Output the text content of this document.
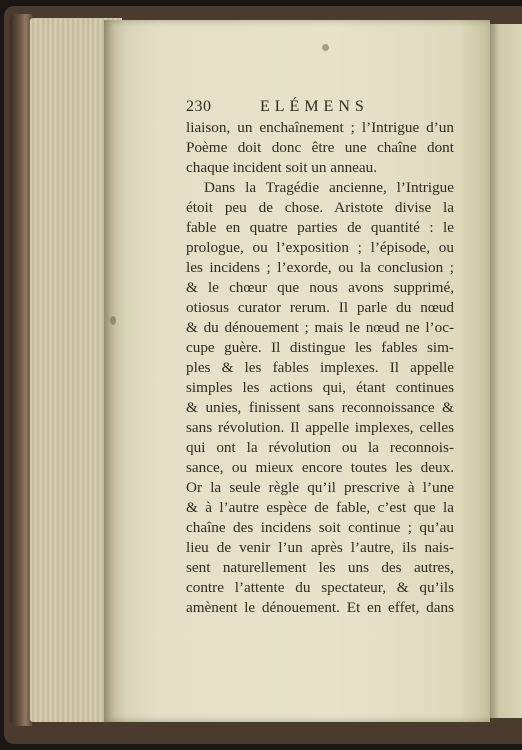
230	ELÉMENS
liaison, un enchaînement ; l’Intrigue d’un
Poème doit donc être une chaîne dont
chaque incident soit un anneau.
Dans la Tragédie ancienne, l’Intrigue
étoit peu de chose. Aristote divise la
fable en quatre parties de quantité : le
prologue, ou l’exposition ; l’épisode, ou
les incidens ; l’exorde, ou la conclusion ;
& le chœur que nous avons supprimé,
otiosus curator rerum. Il parle du nœud
& du dénouement ; mais le nœud ne l’oc-
cupe guère. Il distingue les fables sim-
ples & les fables implexes. Il appelle
simples les actions qui, étant continues
& unies, finissent sans reconnoissance &
sans révolution. Il appelle implexes, celles
qui ont la révolution ou la reconnois-
sance, ou mieux encore toutes les deux.
Or la seule règle qu’il prescrive à l’une
& à l’autre espèce de fable, c’est que la
chaîne des incidens soit continue ; qu’au
lieu de venir l’un après l’autre, ils nais-
sent naturellement les uns des autres,
contre l’attente du spectateur, & qu’ils
amènent le dénouement. Et en effet, dans
